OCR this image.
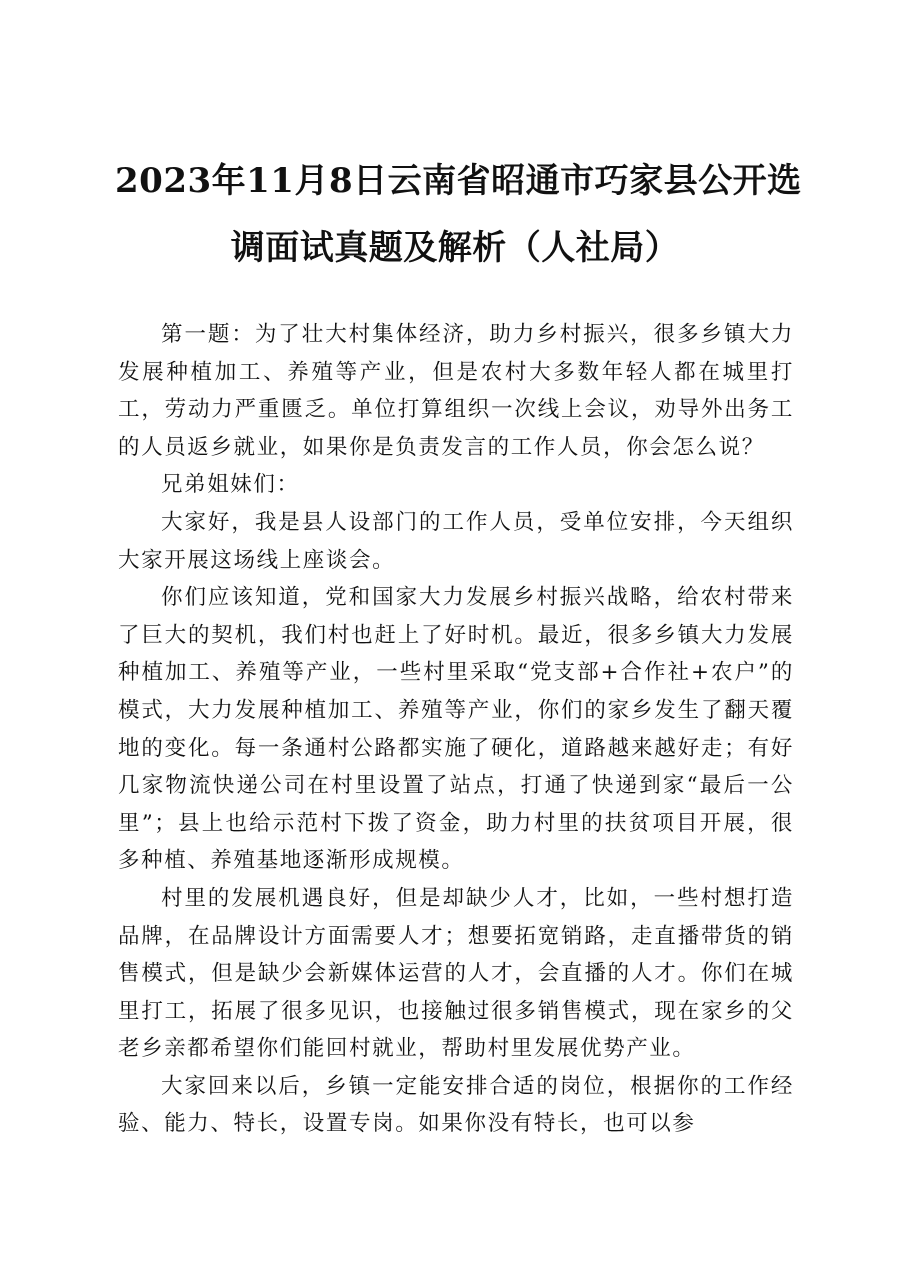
2023年11月8日云南省昭通市巧家县公开选
调面试真题及解析（人社局）

第一题：为了壮大村集体经济，助力乡村振兴，很多乡镇大力发展种植加工、养殖等产业，但是农村大多数年轻人都在城里打工，劳动力严重匮乏。单位打算组织一次线上会议，劝导外出务工的人员返乡就业，如果你是负责发言的工作人员，你会怎么说？

兄弟姐妹们：

大家好，我是县人设部门的工作人员，受单位安排，今天组织大家开展这场线上座谈会。

你们应该知道，党和国家大力发展乡村振兴战略，给农村带来了巨大的契机，我们村也赶上了好时机。最近，很多乡镇大力发展种植加工、养殖等产业，一些村里采取“党支部+合作社+农户”的模式，大力发展种植加工、养殖等产业，你们的家乡发生了翻天覆地的变化。每一条通村公路都实施了硬化，道路越来越好走；有好几家物流快递公司在村里设置了站点，打通了快递到家“最后一公里”；县上也给示范村下拨了资金，助力村里的扶贫项目开展，很多种植、养殖基地逐渐形成规模。

村里的发展机遇良好，但是却缺少人才，比如，一些村想打造品牌，在品牌设计方面需要人才；想要拓宽销路，走直播带货的销售模式，但是缺少会新媒体运营的人才，会直播的人才。你们在城里打工，拓展了很多见识，也接触过很多销售模式，现在家乡的父老乡亲都希望你们能回村就业，帮助村里发展优势产业。

大家回来以后，乡镇一定能安排合适的岗位，根据你的工作经验、能力、特长，设置专岗。如果你没有特长，也可以参
